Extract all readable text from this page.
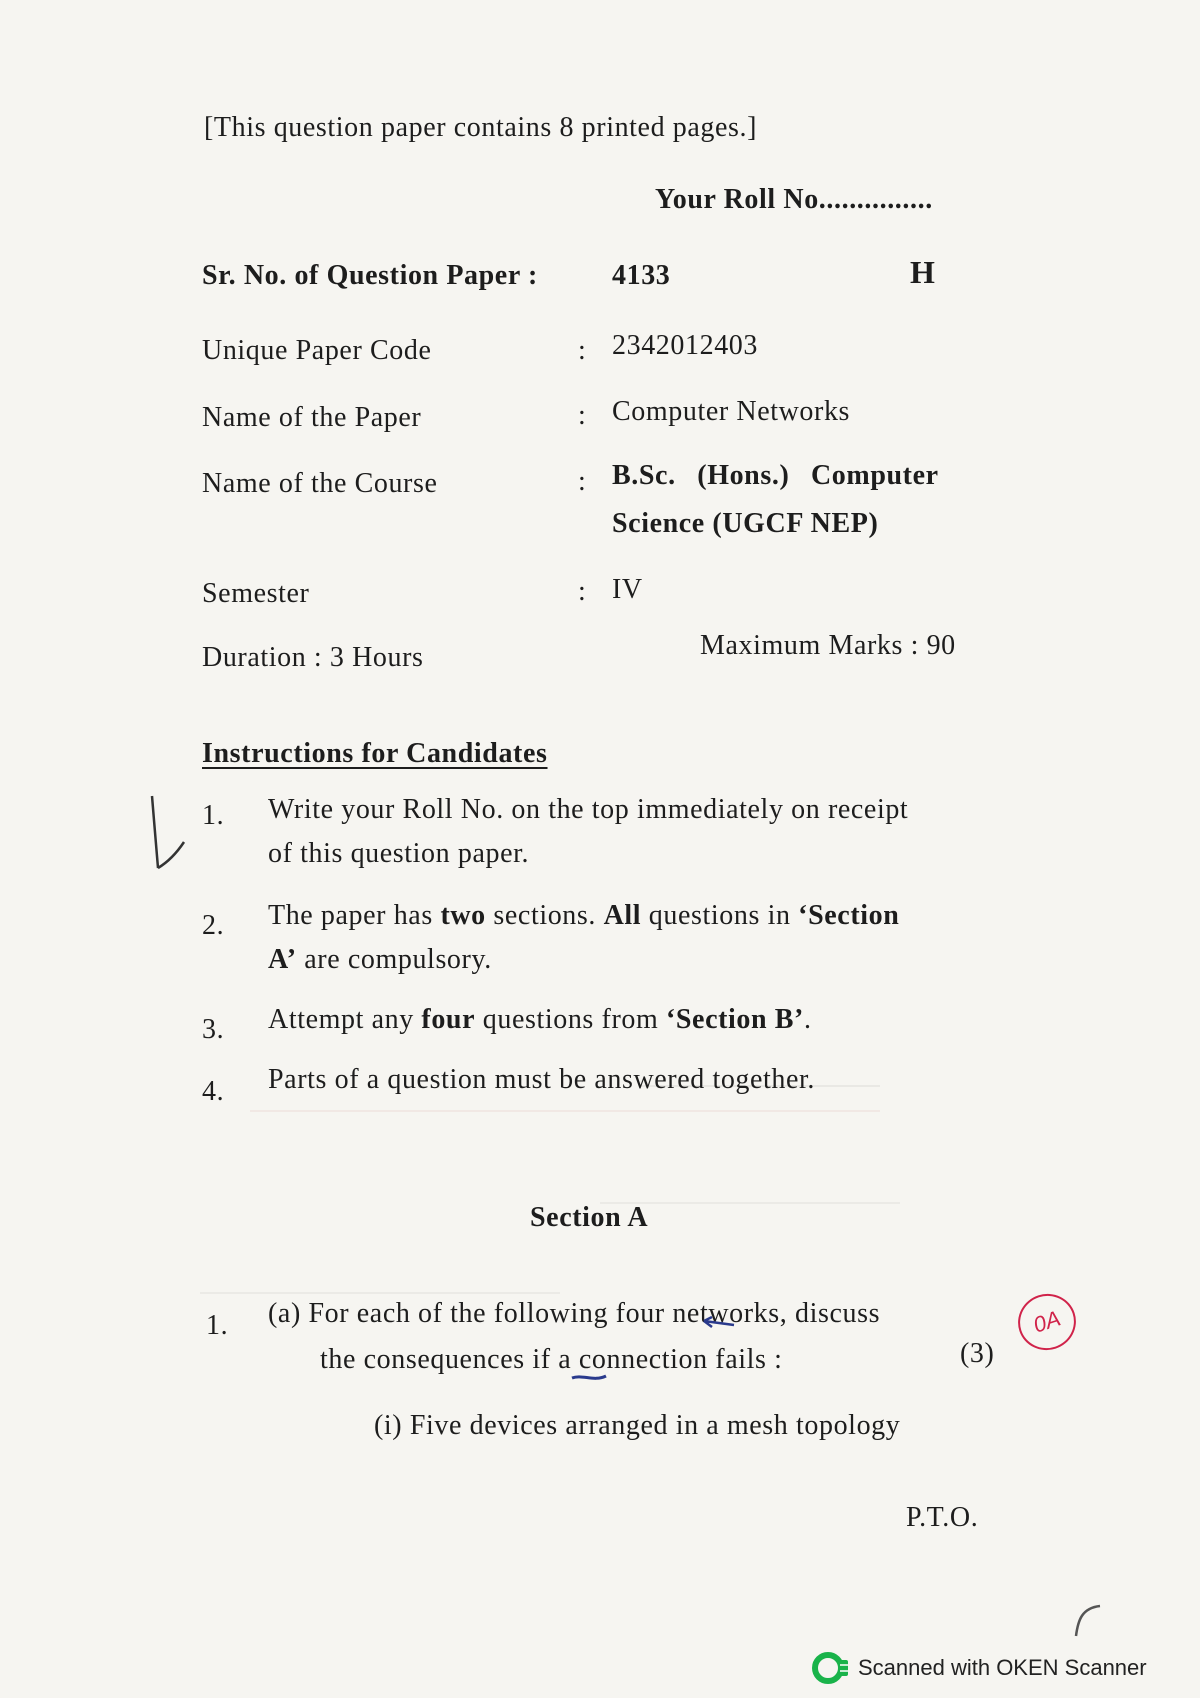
[This question paper contains 8 printed pages.]
Your Roll No...............
Sr. No. of Question Paper :	4133	H
Unique Paper Code	: 2342012403
Name of the Paper	: Computer Networks
Name of the Course	: B.Sc. (Hons.) Computer
Science (UGCF NEP)
Semester	: IV
Duration : 3 Hours	Maximum Marks : 90
Instructions for Candidates
1. Write your Roll No. on the top immediately on receipt
of this question paper.
2. The paper has two sections. All questions in ‘Section
A’ are compulsory.
3. Attempt any four questions from ‘Section B’.
4. Parts of a question must be answered together.
Section A
1. (a) For each of the following four networks, discuss
the consequences if a connection fails :	(3)
(i) Five devices arranged in a mesh topology
0A
P.T.O.
Scanned with OKEN Scanner
